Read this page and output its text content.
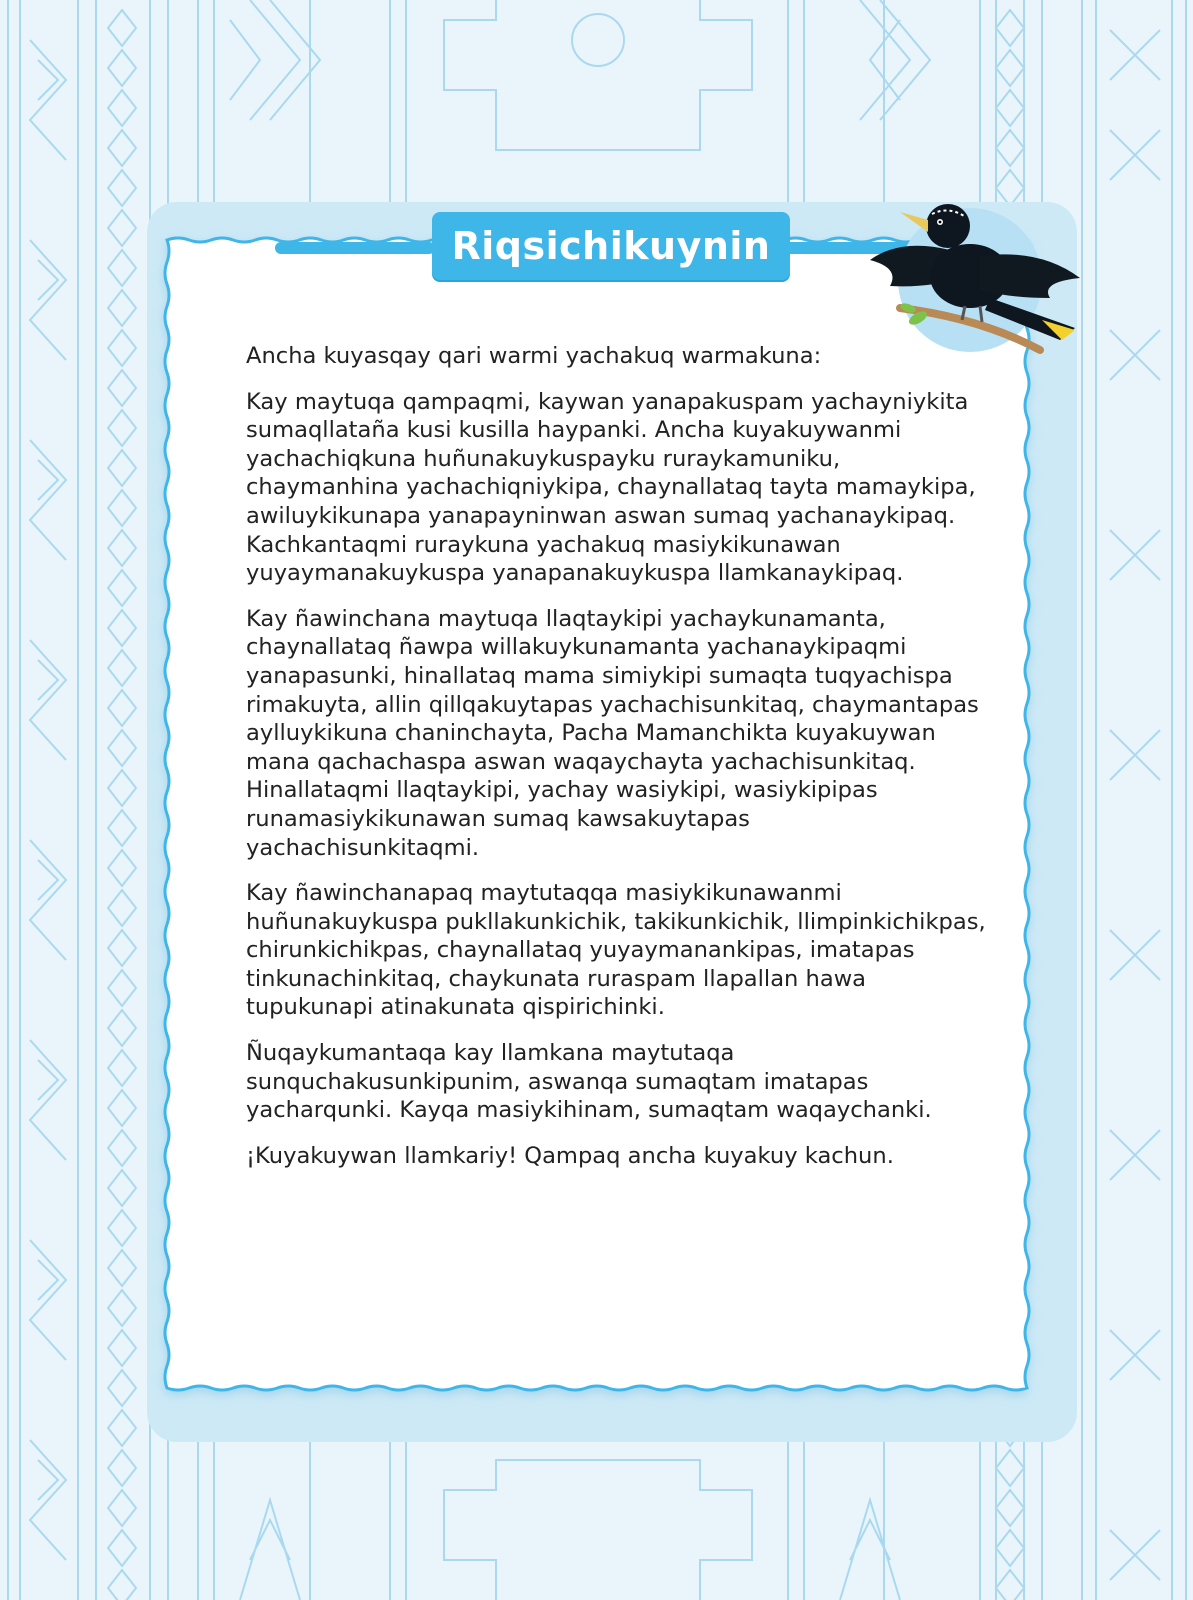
Riqsichikuynin

Ancha kuyasqay qari warmi yachakuq warmakuna:

Kay maytuqa qampaqmi, kaywan yanapakuspam yachayniykita sumaqllataña kusi kusilla haypanki. Ancha kuyakuywanmi yachachiqkuna huñunakuykuspayku ruraykamuniku, chaymanhina yachachiqniykipa, chaynallataq tayta mamaykipa, awiluykikunapa yanapayninwan aswan sumaq yachanaykipaq. Kachkantaqmi ruraykuna yachakuq masiykikunawan yuyaymanakuykuspa yanapanakuykuspa llamkanaykipaq.

Kay ñawinchana maytuqa llaqtaykipi yachaykunamanta, chaynallataq ñawpa willakuykunamanta yachanaykipaqmi yanapasunki, hinallataq mama simiykipi sumaqta tuqyachispa rimakuyta, allin qillqakuytapas yachachisunkitaq, chaymantapas aylluykikuna chaninchayta, Pacha Mamanchikta kuyakuywan mana qachachaspa aswan waqaychayta yachachisunkitaq. Hinallataqmi llaqtaykipi, yachay wasiykipi, wasiykipipas runamasiykikunawan sumaq kawsakuytapas yachachisunkitaqmi.

Kay ñawinchanapaq maytutaqqa masiykikunawanmi huñunakuykuspa pukllakunkichik, takikunkichik, llimpinkichikpas, chirunkichikpas, chaynallataq yuyaymanankipas, imatapas tinkunachinkitaq, chaykunata ruraspam llapallan hawa tupukunapi atinakunata qispirichinki.

Ñuqaykumantaqa kay llamkana maytutaqa sunquchakusunkipunim, aswanqa sumaqtam imatapas yacharqunki. Kayqa masiykihinam, sumaqtam waqaychanki.

¡Kuyakuywan llamkariy! Qampaq ancha kuyakuy kachun.
